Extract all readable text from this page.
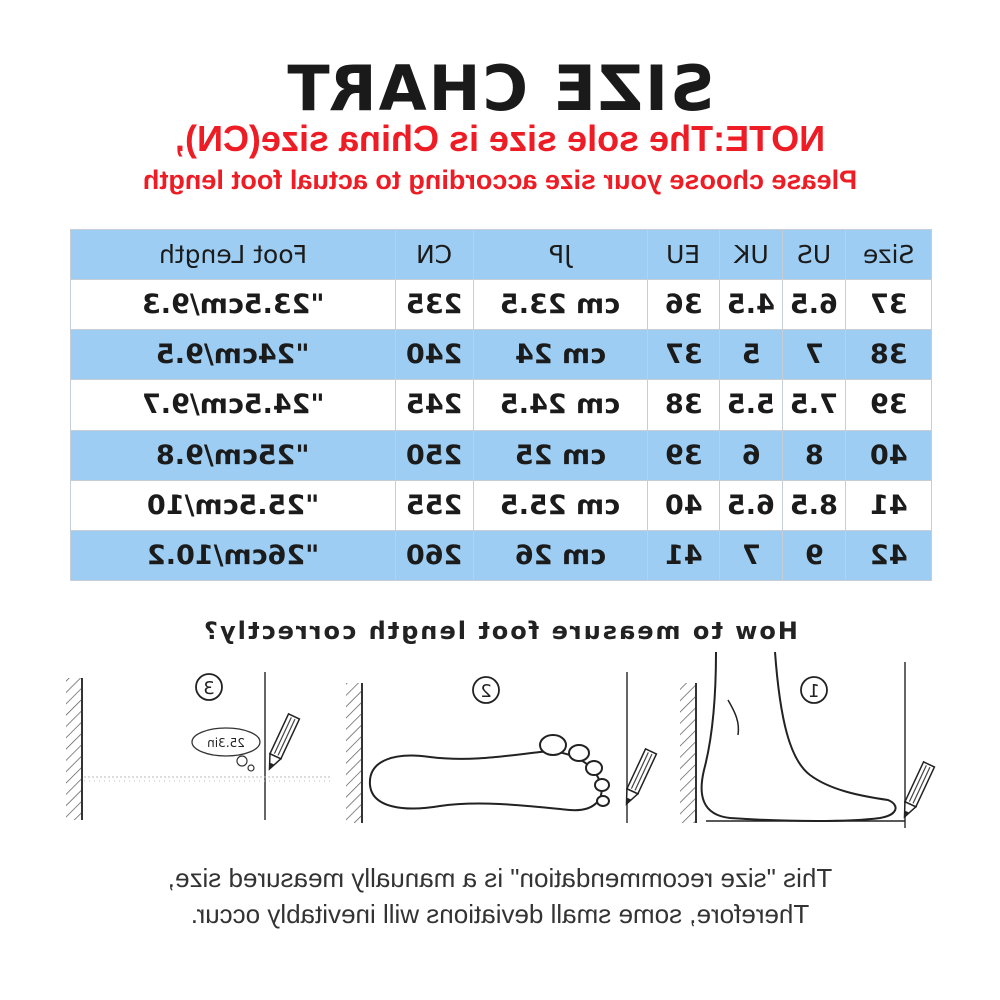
SIZE CHART
NOTE:The sole size is China size(CN),
Please choose your size according to actual foot length
Size	US	UK	EU	JP	CN	Foot Length
37	6.5	4.5	36	23.5 cm	235	23.5cm/9.3"
38	7	5	37	24 cm	240	24cm/9.5"
39	7.5	5.5	38	24.5 cm	245	24.5cm/9.7"
40	8	6	39	25 cm	250	25cm/9.8"
41	8.5	6.5	40	25.5 cm	255	25.5cm/10"
42	9	7	41	26 cm	260	26cm/10.2"
How to measure foot length correctly?
3
25.3in
2	1
This "size recommendation" is a manually measured size,
Therefore, some small deviations will inevitably occur.
